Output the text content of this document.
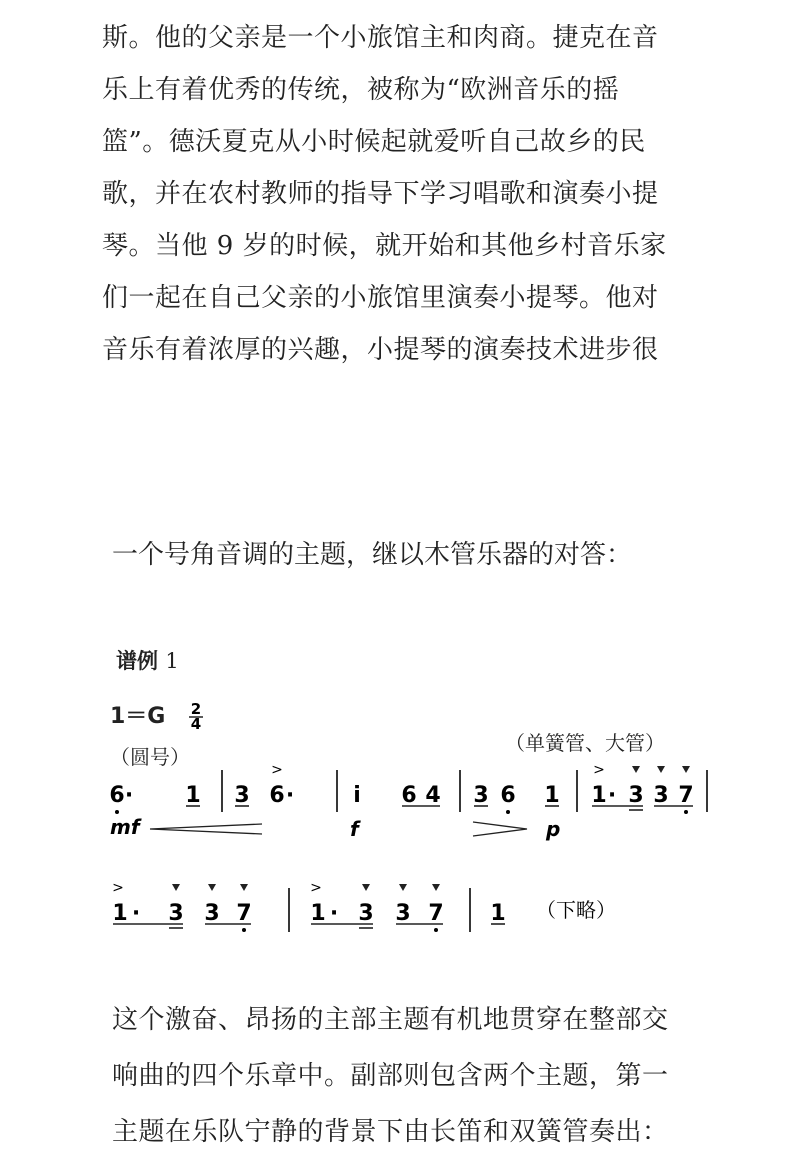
斯。他的父亲是一个小旅馆主和肉商。捷克在音
乐上有着优秀的传统，被称为“欧洲音乐的摇
篮”。德沃夏克从小时候起就爱听自己故乡的民
歌，并在农村教师的指导下学习唱歌和演奏小提
琴。当他 9 岁的时候，就开始和其他乡村音乐家
们一起在自己父亲的小旅馆里演奏小提琴。他对
音乐有着浓厚的兴趣，小提琴的演奏技术进步很
一个号角音调的主题，继以木管乐器的对答：
谱例 1
1＝G
（圆号）
（单簧管、大管）
2
4
>	>
6 · 1 3 6 ·	i 6 4 3 6 1 1 · 3 3 7
mf	f	p
>	>
1 · 3 3 7	1 · 3 3 7 1 （下略）
这个激奋、昂扬的主部主题有机地贯穿在整部交
响曲的四个乐章中。副部则包含两个主题，第一
主题在乐队宁静的背景下由长笛和双簧管奏出：
